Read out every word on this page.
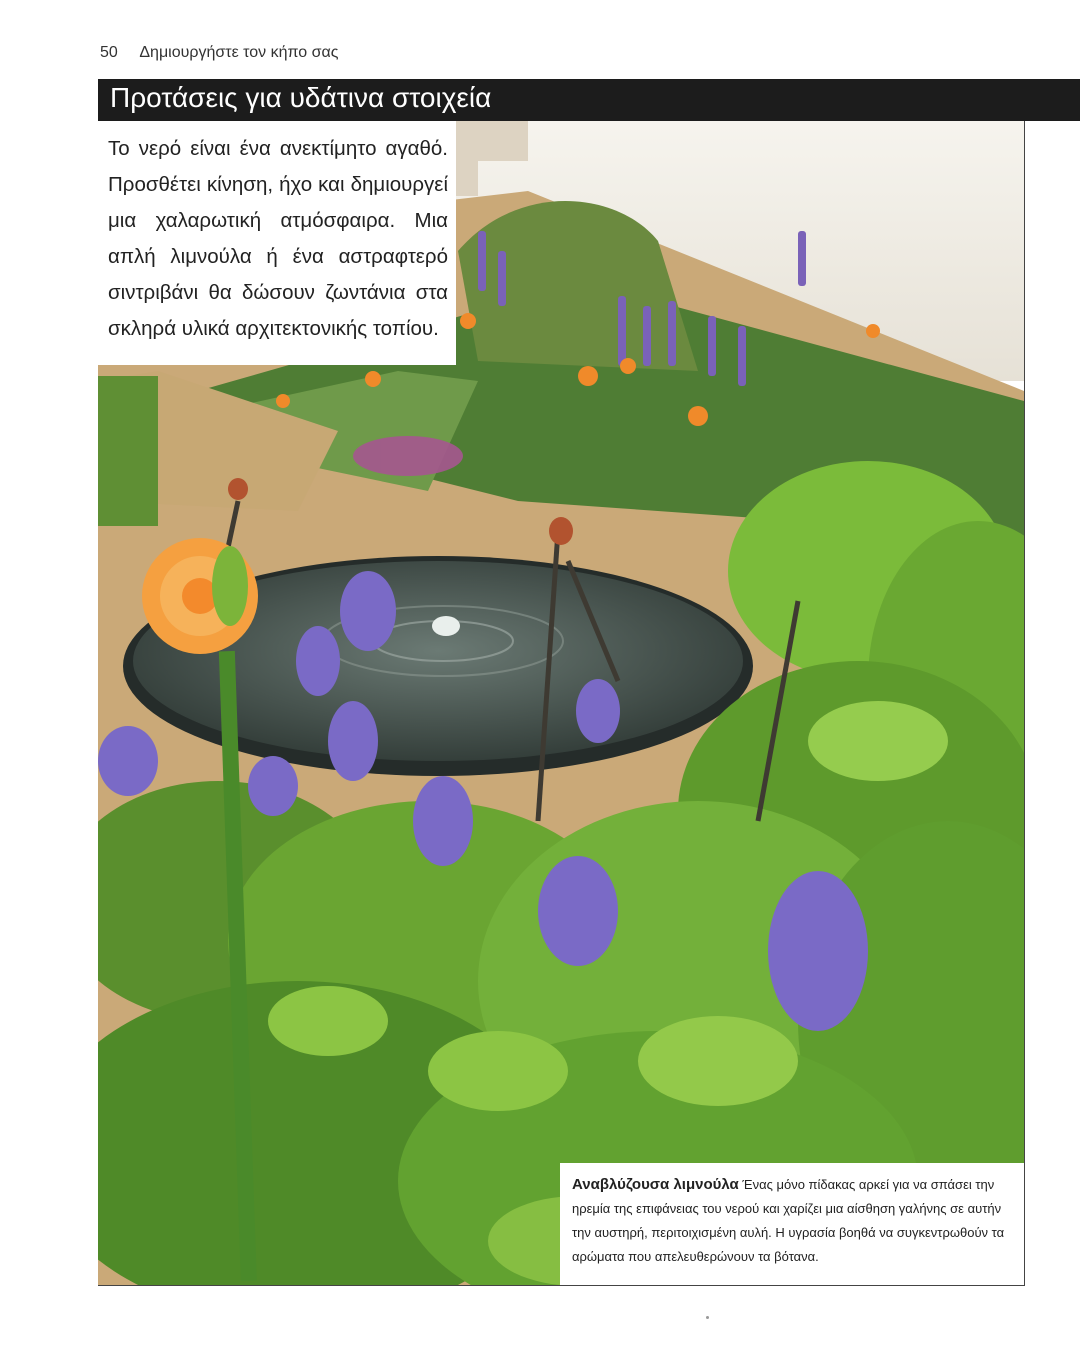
50 Δημιουργήστε τον κήπο σας
Προτάσεις για υδάτινα στοιχεία
Το νερό είναι ένα ανεκτίμητο αγαθό. Προσθέτει κίνηση, ήχο και δημιουργεί μια χαλαρωτική ατμόσφαιρα. Μια απλή λιμνούλα ή ένα αστραφτερό σιντριβάνι θα δώσουν ζωντάνια στα σκληρά υλικά αρχιτεκτονικής τοπίου.
Αναβλύζουσα λιμνούλα Ένας μόνο πίδακας αρκεί για να σπάσει την ηρεμία της επιφάνειας του νερού και χαρίζει μια αίσθηση γαλήνης σε αυτήν την αυστηρή, περιτοιχισμένη αυλή. Η υγρασία βοηθά να συγκεντρωθούν τα αρώματα που απελευθερώνουν τα βότανα.
